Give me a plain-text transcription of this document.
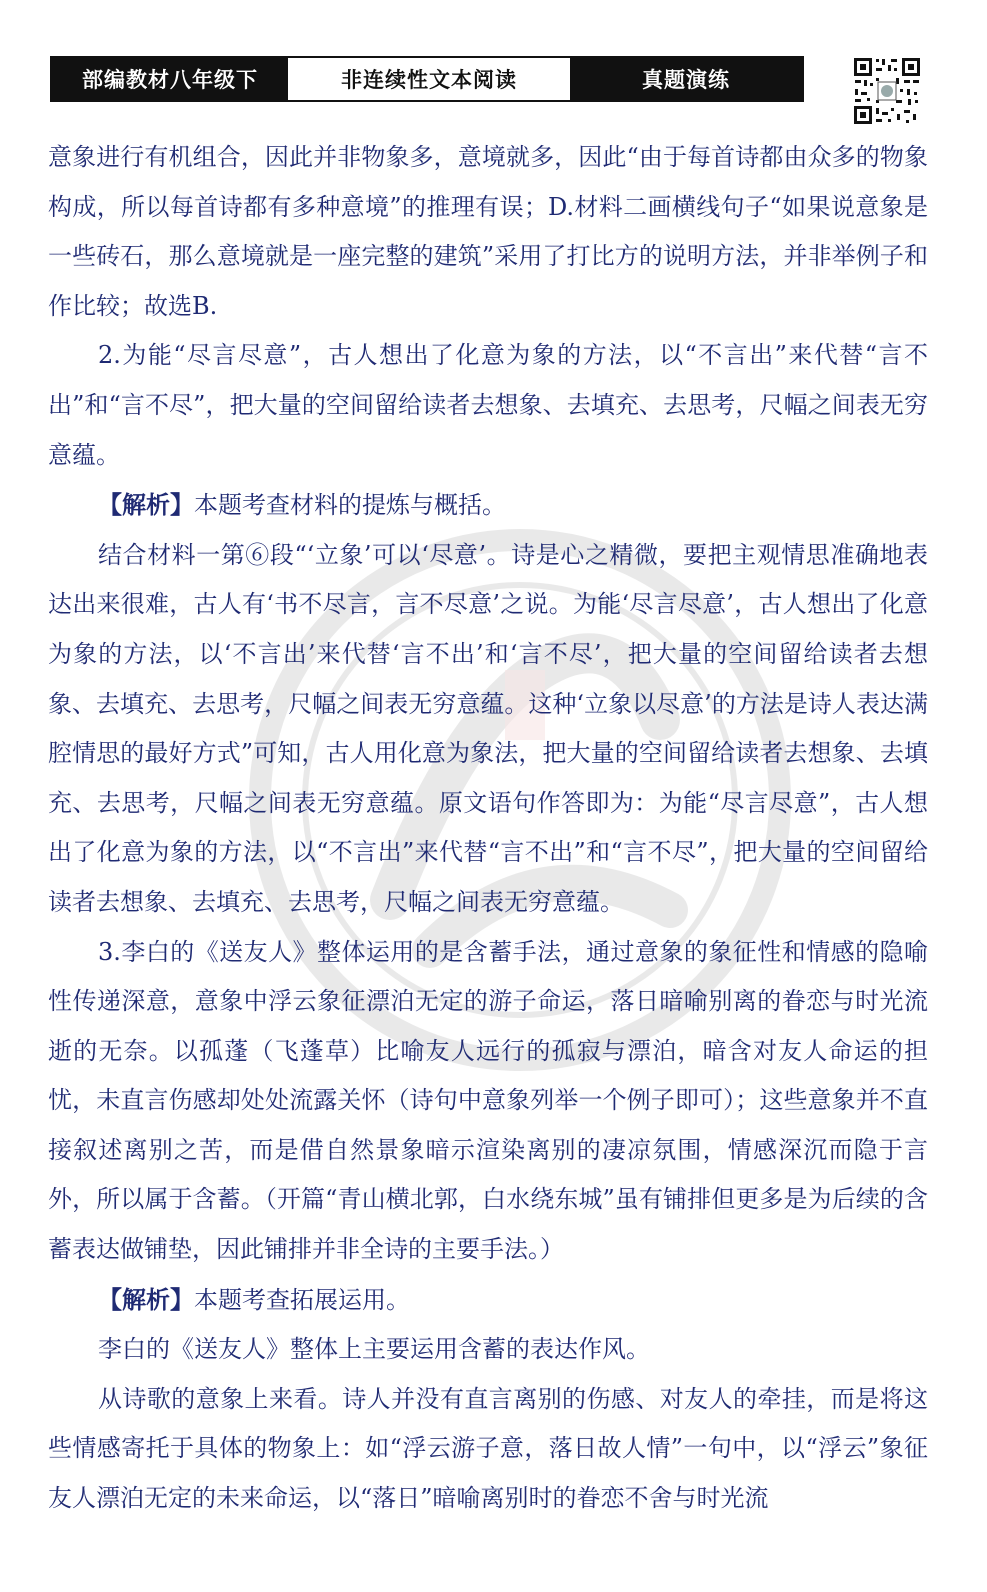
部编教材八年级下	非连续性文本阅读	真题演练

意象进行有机组合，因此并非物象多，意境就多，因此“由于每首诗都由众多的物象构成，所以每首诗都有多种意境”的推理有误；D.材料二画横线句子“如果说意象是一些砖石，那么意境就是一座完整的建筑”采用了打比方的说明方法，并非举例子和作比较；故选B.

2.为能“尽言尽意”，古人想出了化意为象的方法，以“不言出”来代替“言不出”和“言不尽”，把大量的空间留给读者去想象、去填充、去思考，尺幅之间表无穷意蕴。

【解析】本题考查材料的提炼与概括。

结合材料一第⑥段“‘立象’可以‘尽意’。诗是心之精微，要把主观情思准确地表达出来很难，古人有‘书不尽言，言不尽意’之说。为能‘尽言尽意’，古人想出了化意为象的方法，以‘不言出’来代替‘言不出’和‘言不尽’，把大量的空间留给读者去想象、去填充、去思考，尺幅之间表无穷意蕴。这种‘立象以尽意’的方法是诗人表达满腔情思的最好方式”可知，古人用化意为象法，把大量的空间留给读者去想象、去填充、去思考，尺幅之间表无穷意蕴。原文语句作答即为：为能“尽言尽意”，古人想出了化意为象的方法，以“不言出”来代替“言不出”和“言不尽”，把大量的空间留给读者去想象、去填充、去思考，尺幅之间表无穷意蕴。

3.李白的《送友人》整体运用的是含蓄手法，通过意象的象征性和情感的隐喻性传递深意，意象中浮云象征漂泊无定的游子命运，落日暗喻别离的眷恋与时光流逝的无奈。以孤蓬（飞蓬草）比喻友人远行的孤寂与漂泊，暗含对友人命运的担忧，未直言伤感却处处流露关怀（诗句中意象列举一个例子即可）；这些意象并不直接叙述离别之苦，而是借自然景象暗示渲染离别的凄凉氛围，情感深沉而隐于言外，所以属于含蓄。（开篇“青山横北郭，白水绕东城”虽有铺排但更多是为后续的含蓄表达做铺垫，因此铺排并非全诗的主要手法。）

【解析】本题考查拓展运用。

李白的《送友人》整体上主要运用含蓄的表达作风。

从诗歌的意象上来看。诗人并没有直言离别的伤感、对友人的牵挂，而是将这些情感寄托于具体的物象上：如“浮云游子意，落日故人情”一句中，以“浮云”象征友人漂泊无定的未来命运，以“落日”暗喻离别时的眷恋不舍与时光流
